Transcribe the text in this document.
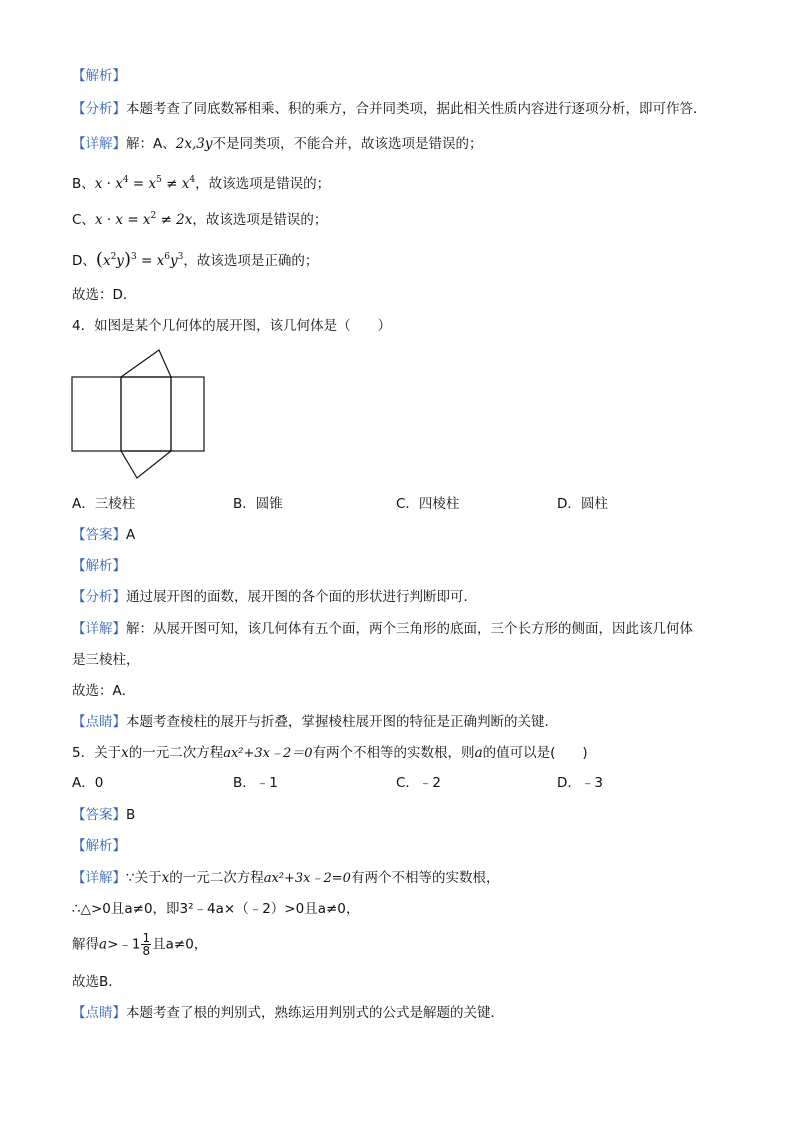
【解析】
【分析】本题考查了同底数幂相乘、积的乘方，合并同类项，据此相关性质内容进行逐项分析，即可作答．
【详解】解：A、2x,3y不是同类项，不能合并，故该选项是错误的；
B、$x \cdot x^4 = x^5 \ne x^4$，故该选项是错误的；
C、$x \cdot x = x^2 \ne 2x$，故该选项是错误的；
D、$(x^2y)^3 = x^6y^3$，故该选项是正确的；
故选：D．
4．如图是某个几何体的展开图，该几何体是（　　）
A．三棱柱	B．圆锥	C．四棱柱	D．圆柱
【答案】A
【解析】
【分析】通过展开图的面数，展开图的各个面的形状进行判断即可．
【详解】解：从展开图可知，该几何体有五个面，两个三角形的底面，三个长方形的侧面，因此该几何体
是三棱柱，
故选：A．
【点睛】本题考查棱柱的展开与折叠，掌握棱柱展开图的特征是正确判断的关键．
5．关于x的一元二次方程ax²+3x﹣2＝0有两个不相等的实数根，则a的值可以是(　　)
A．0	B．﹣1	C．﹣2	D．﹣3
【答案】B
【解析】
【详解】∵关于x的一元二次方程ax²+3x﹣2=0有两个不相等的实数根，
∴△>0且a≠0，即3²﹣4a×（﹣2）>0且a≠0，
解得a>﹣1 $\frac{1}{8}$ 且a≠0，
故选B．
【点睛】本题考查了根的判别式，熟练运用判别式的公式是解题的关键．
